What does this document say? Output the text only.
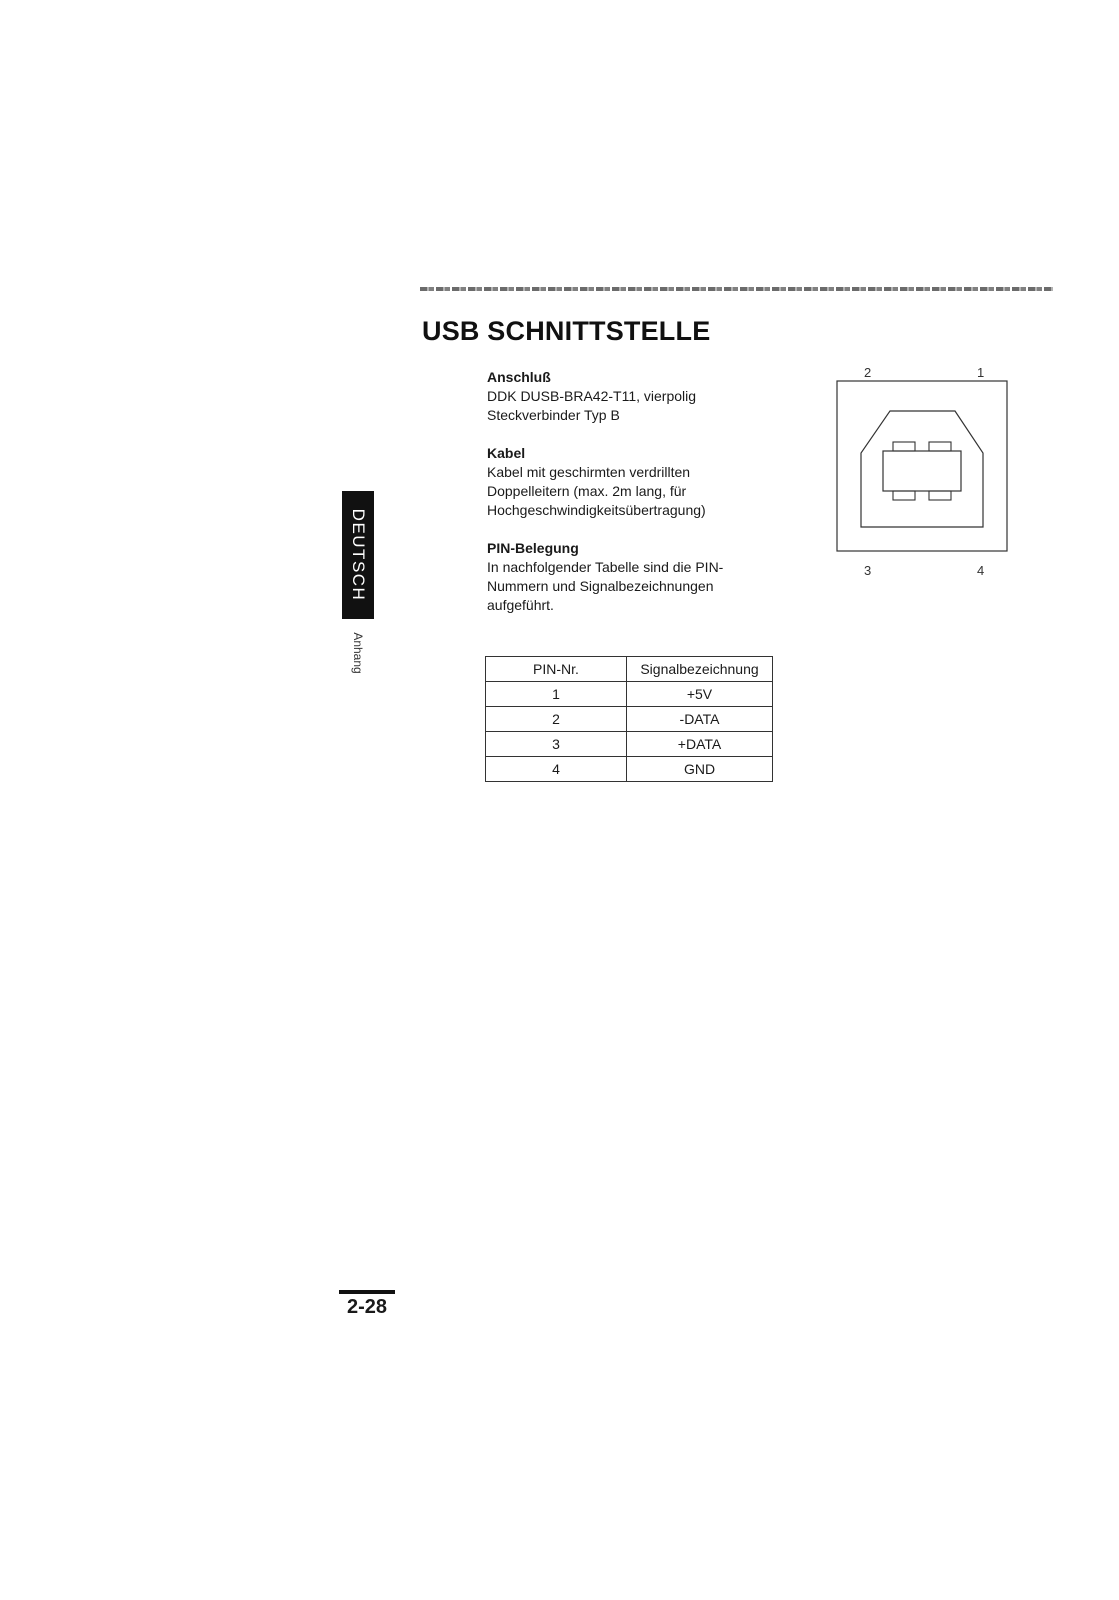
USB SCHNITTSTELLE
DEUTSCH
Anhang
Anschluß
DDK DUSB-BRA42-T11, vierpolig
Steckverbinder Typ B
Kabel
Kabel mit geschirmten verdrillten
Doppelleitern (max. 2m lang, für
Hochgeschwindigkeitsübertragung)
PIN-Belegung
In nachfolgender Tabelle sind die PIN-
Nummern und Signalbezeichnungen
aufgeführt.
PIN-Nr.	Signalbezeichnung
1	+5V
2	-DATA
3	+DATA
4	GND
2	1
3	4
2-28
